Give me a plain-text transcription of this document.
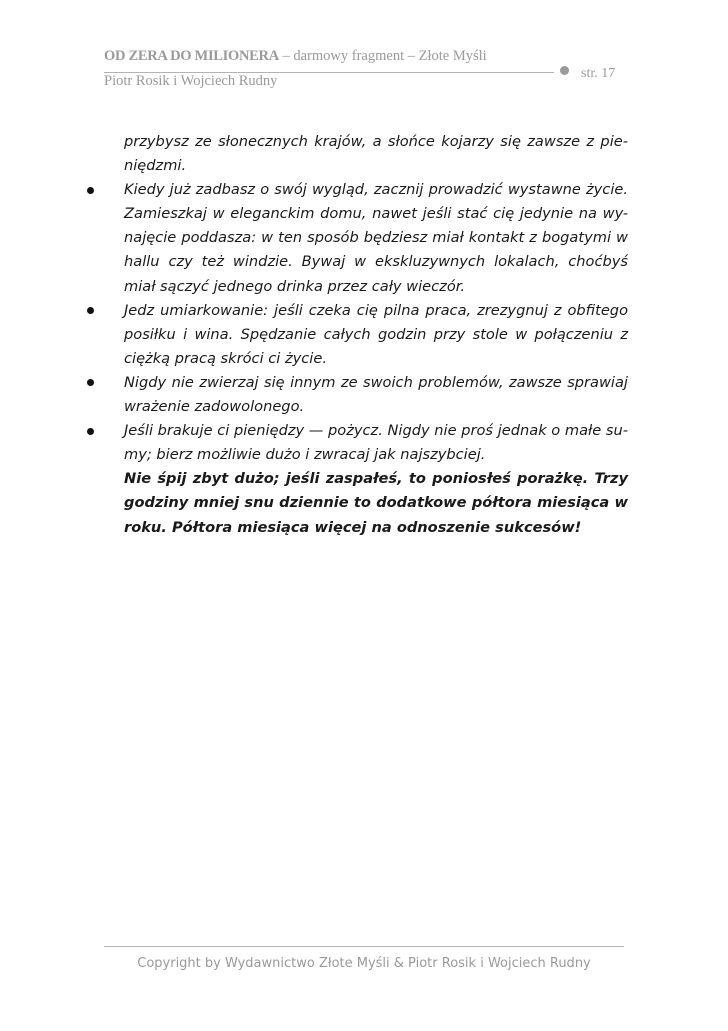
OD ZERA DO MILIONERA – darmowy fragment – Złote Myśli
str. 17
Piotr Rosik i Wojciech Rudny
przybysz ze słonecznych krajów, a słońce kojarzy się zawsze z pie-niędzmi.
Kiedy już zadbasz o swój wygląd, zacznij prowadzić wystawne życie. Zamieszkaj w eleganckim domu, nawet jeśli stać cię jedynie na wy-najęcie poddasza: w ten sposób będziesz miał kontakt z bogatymi w hallu czy też windzie. Bywaj w ekskluzywnych lokalach, choćbyś miał sączyć jednego drinka przez cały wieczór.
Jedz umiarkowanie: jeśli czeka cię pilna praca, zrezygnuj z obfitego posiłku i wina. Spędzanie całych godzin przy stole w połączeniu z ciężką pracą skróci ci życie.
Nigdy nie zwierzaj się innym ze swoich problemów, zawsze sprawiaj wrażenie zadowolonego.
Jeśli brakuje ci pieniędzy — pożycz. Nigdy nie proś jednak o małe su-my; bierz możliwie dużo i zwracaj jak najszybciej.
Nie śpij zbyt dużo; jeśli zaspałeś, to poniosłeś porażkę. Trzy godziny mniej snu dziennie to dodatkowe półtora miesiąca w roku. Półtora miesiąca więcej na odnoszenie sukcesów!
Copyright by Wydawnictwo Złote Myśli & Piotr Rosik i Wojciech Rudny
